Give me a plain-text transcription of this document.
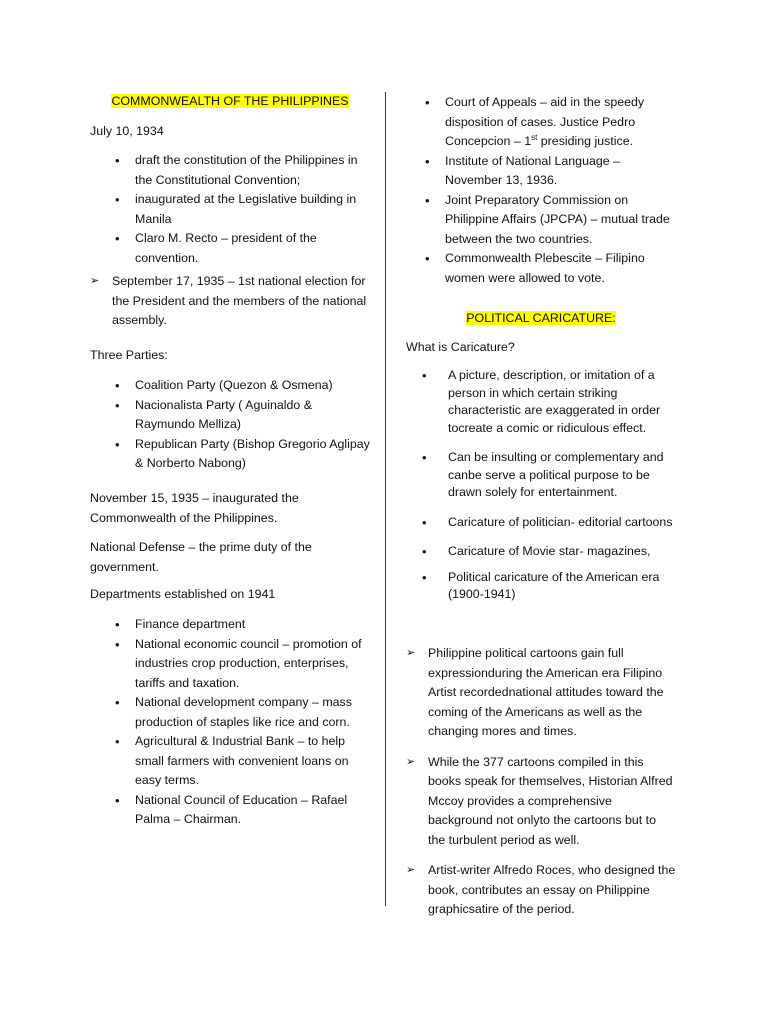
COMMONWEALTH OF THE PHILIPPINES

July 10, 1934

• draft the constitution of the Philippines in the Constitutional Convention;
• inaugurated at the Legislative building in Manila
• Claro M. Recto – president of the convention.
➢ September 17, 1935 – 1st national election for the President and the members of the national assembly.

Three Parties:

• Coalition Party (Quezon & Osmena)
• Nacionalista Party ( Aguinaldo & Raymundo Melliza)
• Republican Party (Bishop Gregorio Aglipay & Norberto Nabong)

November 15, 1935 – inaugurated the Commonwealth of the Philippines.

National Defense – the prime duty of the government.

Departments established on 1941

• Finance department
• National economic council – promotion of industries crop production, enterprises, tariffs and taxation.
• National development company – mass production of staples like rice and corn.
• Agricultural & Industrial Bank – to help small farmers with convenient loans on easy terms.
• National Council of Education – Rafael Palma – Chairman.
• Court of Appeals – aid in the speedy disposition of cases. Justice Pedro Concepcion – 1st presiding justice.
• Institute of National Language – November 13, 1936.
• Joint Preparatory Commission on Philippine Affairs (JPCPA) – mutual trade between the two countries.
• Commonwealth Plebescite – Filipino women were allowed to vote.

POLITICAL CARICATURE:

What is Caricature?

• A picture, description, or imitation of a person in which certain striking characteristic are exaggerated in order tocreate a comic or ridiculous effect.
• Can be insulting or complementary and canbe serve a political purpose to be drawn solely for entertainment.
• Caricature of politician- editorial cartoons
• Caricature of Movie star- magazines,
• Political caricature of the American era (1900-1941)
➢ Philippine political cartoons gain full expressionduring the American era Filipino Artist recordednational attitudes toward the coming of the Americans as well as the changing mores and times.
➢ While the 377 cartoons compiled in this books speak for themselves, Historian Alfred Mccoy provides a comprehensive background not onlyto the cartoons but to the turbulent period as well.
➢ Artist-writer Alfredo Roces, who designed the book, contributes an essay on Philippine graphicsatire of the period.
